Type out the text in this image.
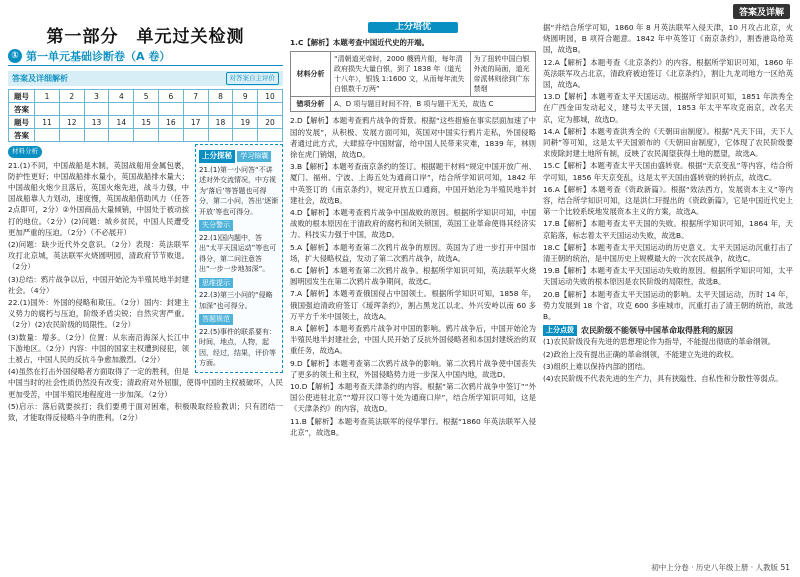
答案及详解
第一部分　单元过关检测
① 第一单元基础诊断卷（A 卷）
答案及详细解析	对答案自主评价
题号	1	2	3	4	5	6	7	8	9	10
答案										
题号	11	12	13	14	15	16	17	18	19	20
答案										
材料分析	上分探秘 学习锦囊
21.(1)第一小问答“不讲述对外交流情况，中方视为‘落后’等答题也可得分，第二小问，答出‘逐渐开放’等也可得分。
失分警示
22.(1)国内题中，答出“太平天国运动”等也可得分，第二问注意答出“一步一步地加深”。
思维提示
22.(3)第三小问的“侵略加深”也可得分。
答题规范
22.(5)事件的联系要有：时间，地点，人物，起因，经过，结果，评价等方面。
21.(1)不同，中国战船是木制，英国战船用金属包裹，防护性更好；中国战船排水量小，英国战船排水量大；中国战船火炮少且落后，英国火炮先进，战斗力强，中国战船靠人力划动，速度慢，英国战船借助风力（任答2点即可，2分）②外国商品大量倾销，中国处于被动挨打的地位。（2分）(2)问题：城乡贫民，中国人民遭受更加严重的压迫。（2分）（不必展开）
(2)问题：缺少近代外交意识。（2分）表现：英法联军攻打北京城，英法联军火烧圆明园，清政府节节败退。（2分）
(3)总结：鸦片战争以后，中国开始沦为半殖民地半封建社会。（4分）
22.(1)国外：外国的侵略和欺压。（2分）国内：封建主义势力的腐朽与压迫，阶级矛盾尖锐；自然灾害严重。（2分）(2)农民阶级的局限性。（2分）
(3)数量：增多。（2分）位置：从东南沿海深入长江中下游地区。（2分）内容：中国的国家主权遭到侵犯，领土被占，中国人民的反抗斗争愈加激烈。（2分）
(4)虽然在打击外国侵略者方面取得了一定的胜利，但是中国当时的社会性质仍然没有改变；清政府对外屈服，使得中国的主权被破坏，人民更加受苦，中国半殖民地程度进一步加深。（2分）
(5)启示：落后就要挨打；我们要勇于面对困难，积极吸取经验教训；只有团结一致，才能取得反侵略斗争的胜利。（2分）
上分培优
1.C【解析】本题考查中国近代史的开端。
材料分析	“清朝道光帝时，2000 艘鸦片船，每年清政府损失大量白银，到了 1838 年（道光十八年），银钱 1:1600 文，从而每年流失白银数千万两”	为了扭转中国白银外流的局面，道光帝派林则徐到广东禁烟
错项分析	A、D 项与题目时间不符，B 项与题干无关，故选 C	
2.D【解析】本题考查鸦片战争的背景。根据“这些措施在事实层面加速了中国的发展”，从积极、发展方面可知，英国对中国实行鸦片走私，外国侵略者通过此方式，大肆掠夺中国财富，给中国人民带来灾难，1839 年，林则徐在虎门销烟，故选D。
3.B【解析】本题考查南京条约的签订。根据题干材料“规定中国开放广州、厦门、福州、宁波、上海五处为通商口岸”，结合所学知识可知，1842 年中英签订的《南京条约》，规定开放五口通商，中国开始沦为半殖民地半封建社会，故选B。
4.D【解析】本题考查鸦片战争中国战败的原因。根据所学知识可知，中国战败的根本原因在于清政府的腐朽和闭关锁国，英国工业革命使得其经济实力、科技实力强于中国，故选D。
5.A【解析】本题考查第二次鸦片战争的原因。英国为了进一步打开中国市场，扩大侵略权益，发动了第二次鸦片战争，故选A。
6.C【解析】本题考查第二次鸦片战争。根据所学知识可知，英法联军火烧圆明园发生在第二次鸦片战争期间，故选C。
7.A【解析】本题考查俄国侵占中国领土。根据所学知识可知，1858 年，俄国强迫清政府签订《瑷珲条约》，割占黑龙江以北、外兴安岭以南 60 多万平方千米中国领土，故选A。
8.A【解析】本题考查鸦片战争对中国的影响。鸦片战争后，中国开始沦为半殖民地半封建社会，中国人民开始了反抗外国侵略者和本国封建统治的双重任务，故选A。
9.D【解析】本题考查第二次鸦片战争的影响。第二次鸦片战争使中国丧失了更多的领土和主权，外国侵略势力进一步深入中国内地，故选D。
10.D【解析】本题考查天津条约的内容。根据“第二次鸦片战争中签订”“外国公使进驻北京”“增开汉口等十处为通商口岸”，结合所学知识可知，这是《天津条约》的内容，故选D。
11.B【解析】本题考查英法联军的侵华罪行。根据“1860 年英法联军入侵北京”，故选B。
据“并结合所学可知，1860 年 8 月英法联军入侵天津，10 月攻占北京，火烧圆明园，B 项符合题意。1842 年中英签订《南京条约》，割香港岛给英国，故选B。
12.A【解析】本题考查《北京条约》的内容。根据所学知识可知，1860 年英法联军攻占北京，清政府被迫签订《北京条约》，割让九龙司地方一区给英国，故选A。
13.D【解析】本题考查太平天国运动。根据所学知识可知，1851 年洪秀全在广西金田发动起义，建号太平天国，1853 年太平军攻克南京，改名天京，定为都城，故选D。
14.A【解析】本题考查洪秀全的《天朝田亩制度》。根据“凡天下田，天下人同耕”等可知，这是太平天国颁布的《天朝田亩制度》，它体现了农民阶级要求废除封建土地所有制，反映了农民渴望获得土地的愿望，故选A。
15.C【解析】本题考查太平天国由盛转衰。根据“天京变乱”等内容，结合所学可知，1856 年天京变乱，这是太平天国由盛转衰的转折点，故选C。
16.A【解析】本题考查《资政新篇》。根据“效法西方，发展资本主义”等内容，结合所学知识可知，这是洪仁玕提出的《资政新篇》，它是中国近代史上第一个比较系统地发展资本主义的方案，故选A。
17.B【解析】本题考查太平天国的失败。根据所学知识可知，1864 年，天京陷落，标志着太平天国运动失败，故选B。
18.C【解析】本题考查太平天国运动的历史意义。太平天国运动沉重打击了清王朝的统治，是中国历史上规模最大的一次农民战争，故选C。
19.B【解析】本题考查太平天国运动失败的原因。根据所学知识可知，太平天国运动失败的根本原因是农民阶级的局限性，故选B。
20.B【解析】本题考查太平天国运动的影响。太平天国运动，历时 14 年，势力发展到 18 个省，攻克 600 多座城市，沉重打击了清王朝的统治，故选B。
上分点拨 农民阶级不能领导中国革命取得胜利的原因
(1)农民阶级没有先进的思想理论作为指导，不能提出彻底的革命纲领。
(2)政治上没有提出正确的革命纲领，不能建立先进的政权。
(3)组织上难以保持内部的团结。
(4)农民阶级不代表先进的生产力，具有狭隘性、自私性和分散性等弱点。
初中上分卷 · 历史八年级上册 · 人教版 51
